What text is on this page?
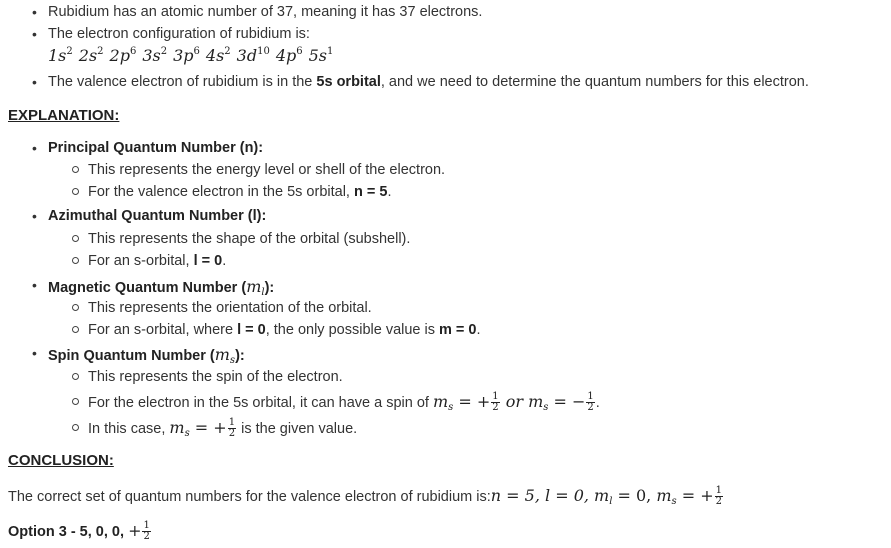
• Rubidium has an atomic number of 37, meaning it has 37 electrons.
• The electron configuration of rubidium is:
$1s^2$ $2s^2$ $2p^6$ $3s^2$ $3p^6$ $4s^2$ $3d^{10}$ $4p^6$ $5s^1$
• The valence electron of rubidium is in the 5s orbital, and we need to determine the quantum numbers for this electron.
EXPLANATION:
• Principal Quantum Number (n):
This represents the energy level or shell of the electron.
For the valence electron in the 5s orbital, n = 5.
• Azimuthal Quantum Number (l):
This represents the shape of the orbital (subshell).
For an s-orbital, l = 0.
• Magnetic Quantum Number $(m_l)$:
This represents the orientation of the orbital.
For an s-orbital, where l = 0, the only possible value is m = 0.
• Spin Quantum Number $(m_s)$:
This represents the spin of the electron.
For the electron in the 5s orbital, it can have a spin of $m_s$ = + $\frac{1}{2}$ or $m_s$ = − $\frac{1}{2}$ .
In this case, $m_s$ = + $\frac{1}{2}$ is the given value.
CONCLUSION:
The correct set of quantum numbers for the valence electron of rubidium is:n = 5, l = 0, $m_l = 0$, $m_s$ = + $\frac{1}{2}$
Option 3 - 5, 0, 0, + $\frac{1}{2}$
